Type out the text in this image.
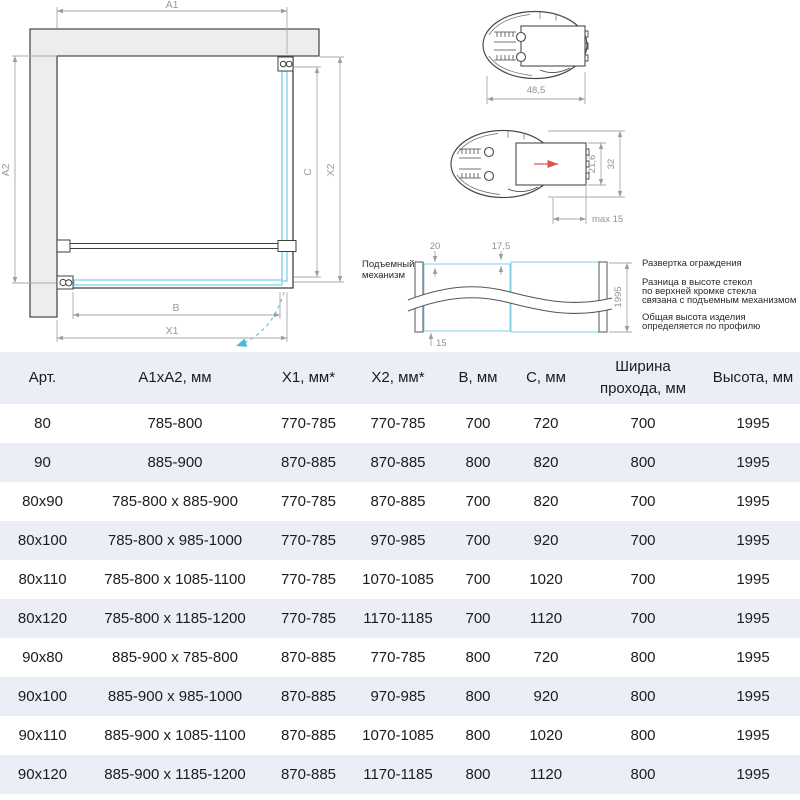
A1
A2	C X2
B
X1
48,5
21,6 32
max 15
Подъемный
механизм
20	17,5
15
1995
Развертка ограждения
Разница в высоте стекол
по верхней кромке стекла
связана с подъемным механизмом
Общая высота изделия
определяется по профилю
Арт.	A1xA2, мм	X1, мм*	X2, мм*	B, мм	C, мм	Ширина прохода, мм	Высота, мм
80	785-800	770-785	770-785	700	720	700	1995
90	885-900	870-885	870-885	800	820	800	1995
80x90	785-800 x 885-900	770-785	870-885	700	820	700	1995
80x100	785-800 x 985-1000	770-785	970-985	700	920	700	1995
80x110	785-800 x 1085-1100	770-785	1070-1085	700	1020	700	1995
80x120	785-800 x 1185-1200	770-785	1170-1185	700	1120	700	1995
90x80	885-900 x 785-800	870-885	770-785	800	720	800	1995
90x100	885-900 x 985-1000	870-885	970-985	800	920	800	1995
90x110	885-900 x 1085-1100	870-885	1070-1085	800	1020	800	1995
90x120	885-900 x 1185-1200	870-885	1170-1185	800	1120	800	1995
